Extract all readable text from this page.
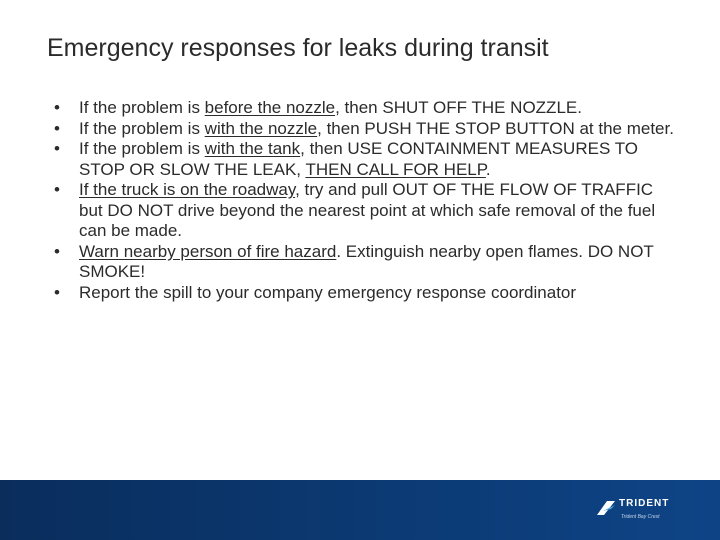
Emergency responses for leaks during transit
• If the problem is before the nozzle, then SHUT OFF THE NOZZLE.
• If the problem is with the nozzle, then PUSH THE STOP BUTTON at the meter.
• If the problem is with the tank, then USE CONTAINMENT MEASURES TO STOP OR SLOW THE LEAK, THEN CALL FOR HELP.
• If the truck is on the roadway, try and pull OUT OF THE FLOW OF TRAFFIC but DO NOT drive beyond the nearest point at which safe removal of the fuel can be made.
• Warn nearby person of fire hazard. Extinguish nearby open flames. DO NOT SMOKE!
• Report the spill to your company emergency response coordinator
TRIDENT
Trident Bay Crest
